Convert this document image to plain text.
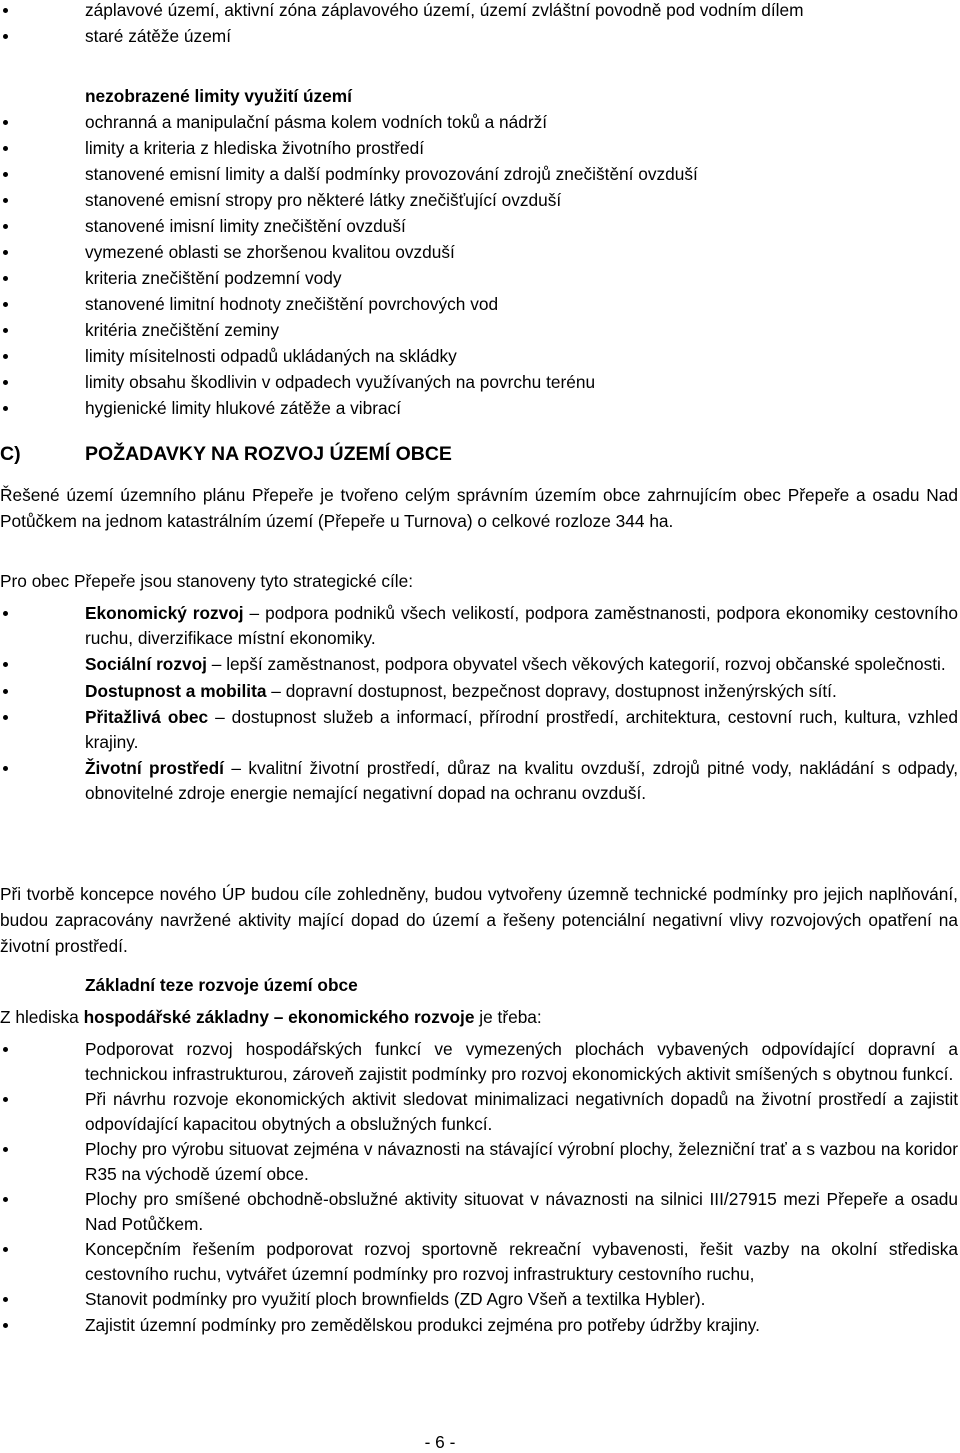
záplavové území, aktivní zóna záplavového území, území zvláštní povodně pod vodním dílem
staré zátěže území
nezobrazené limity využití území
ochranná a manipulační pásma kolem vodních toků a nádrží
limity a kriteria z hlediska životního prostředí
stanovené emisní limity a další podmínky provozování zdrojů znečištění ovzduší
stanovené emisní stropy pro některé látky znečišťující ovzduší
stanovené imisní limity znečištění ovzduší
vymezené oblasti se zhoršenou kvalitou ovzduší
kriteria znečištění podzemní vody
stanovené limitní hodnoty znečištění povrchových vod
kritéria znečištění zeminy
limity mísitelnosti odpadů ukládaných na skládky
limity obsahu škodlivin v odpadech využívaných na povrchu terénu
hygienické limity hlukové zátěže a vibrací
C)	POŽADAVKY NA ROZVOJ ÚZEMÍ OBCE

Řešené území územního plánu Přepeře je tvořeno celým správním územím obce zahrnujícím obec Přepeře a osadu Nad Potůčkem na jednom katastrálním území (Přepeře u Turnova) o celkové rozloze 344 ha.

Pro obec Přepeře jsou stanoveny tyto strategické cíle:

Ekonomický rozvoj – podpora podniků všech velikostí, podpora zaměstnanosti, podpora ekonomiky cestovního ruchu, diverzifikace místní ekonomiky.
Sociální rozvoj – lepší zaměstnanost, podpora obyvatel všech věkových kategorií, rozvoj občanské společnosti.
Dostupnost a mobilita – dopravní dostupnost, bezpečnost dopravy, dostupnost inženýrských sítí.
Přitažlivá obec – dostupnost služeb a informací, přírodní prostředí, architektura, cestovní ruch, kultura, vzhled krajiny.
Životní prostředí – kvalitní životní prostředí, důraz na kvalitu ovzduší, zdrojů pitné vody, nakládání s odpady, obnovitelné zdroje energie nemající negativní dopad na ochranu ovzduší.

Při tvorbě koncepce nového ÚP budou cíle zohledněny, budou vytvořeny územně technické podmínky pro jejich naplňování, budou zapracovány navržené aktivity mající dopad do území a řešeny potenciální negativní vlivy rozvojových opatření na životní prostředí.

Základní teze rozvoje území obce

Z hlediska hospodářské základny – ekonomického rozvoje je třeba:

Podporovat rozvoj hospodářských funkcí ve vymezených plochách vybavených odpovídající dopravní a technickou infrastrukturou, zároveň zajistit podmínky pro rozvoj ekonomických aktivit smíšených s obytnou funkcí.
Při návrhu rozvoje ekonomických aktivit sledovat minimalizaci negativních dopadů na životní prostředí a zajistit odpovídající kapacitou obytných a obslužných funkcí.
Plochy pro výrobu situovat zejména v návaznosti na stávající výrobní plochy, železniční trať a s vazbou na koridor R35 na východě území obce.
Plochy pro smíšené obchodně-obslužné aktivity situovat v návaznosti na silnici III/27915 mezi Přepeře a osadu Nad Potůčkem.
Koncepčním řešením podporovat rozvoj sportovně rekreační vybavenosti, řešit vazby na okolní střediska cestovního ruchu, vytvářet územní podmínky pro rozvoj infrastruktury cestovního ruchu,
Stanovit podmínky pro využití ploch brownfields (ZD Agro Všeň a textilka Hybler).
Zajistit územní podmínky pro zemědělskou produkci zejména pro potřeby údržby krajiny.
- 6 -
